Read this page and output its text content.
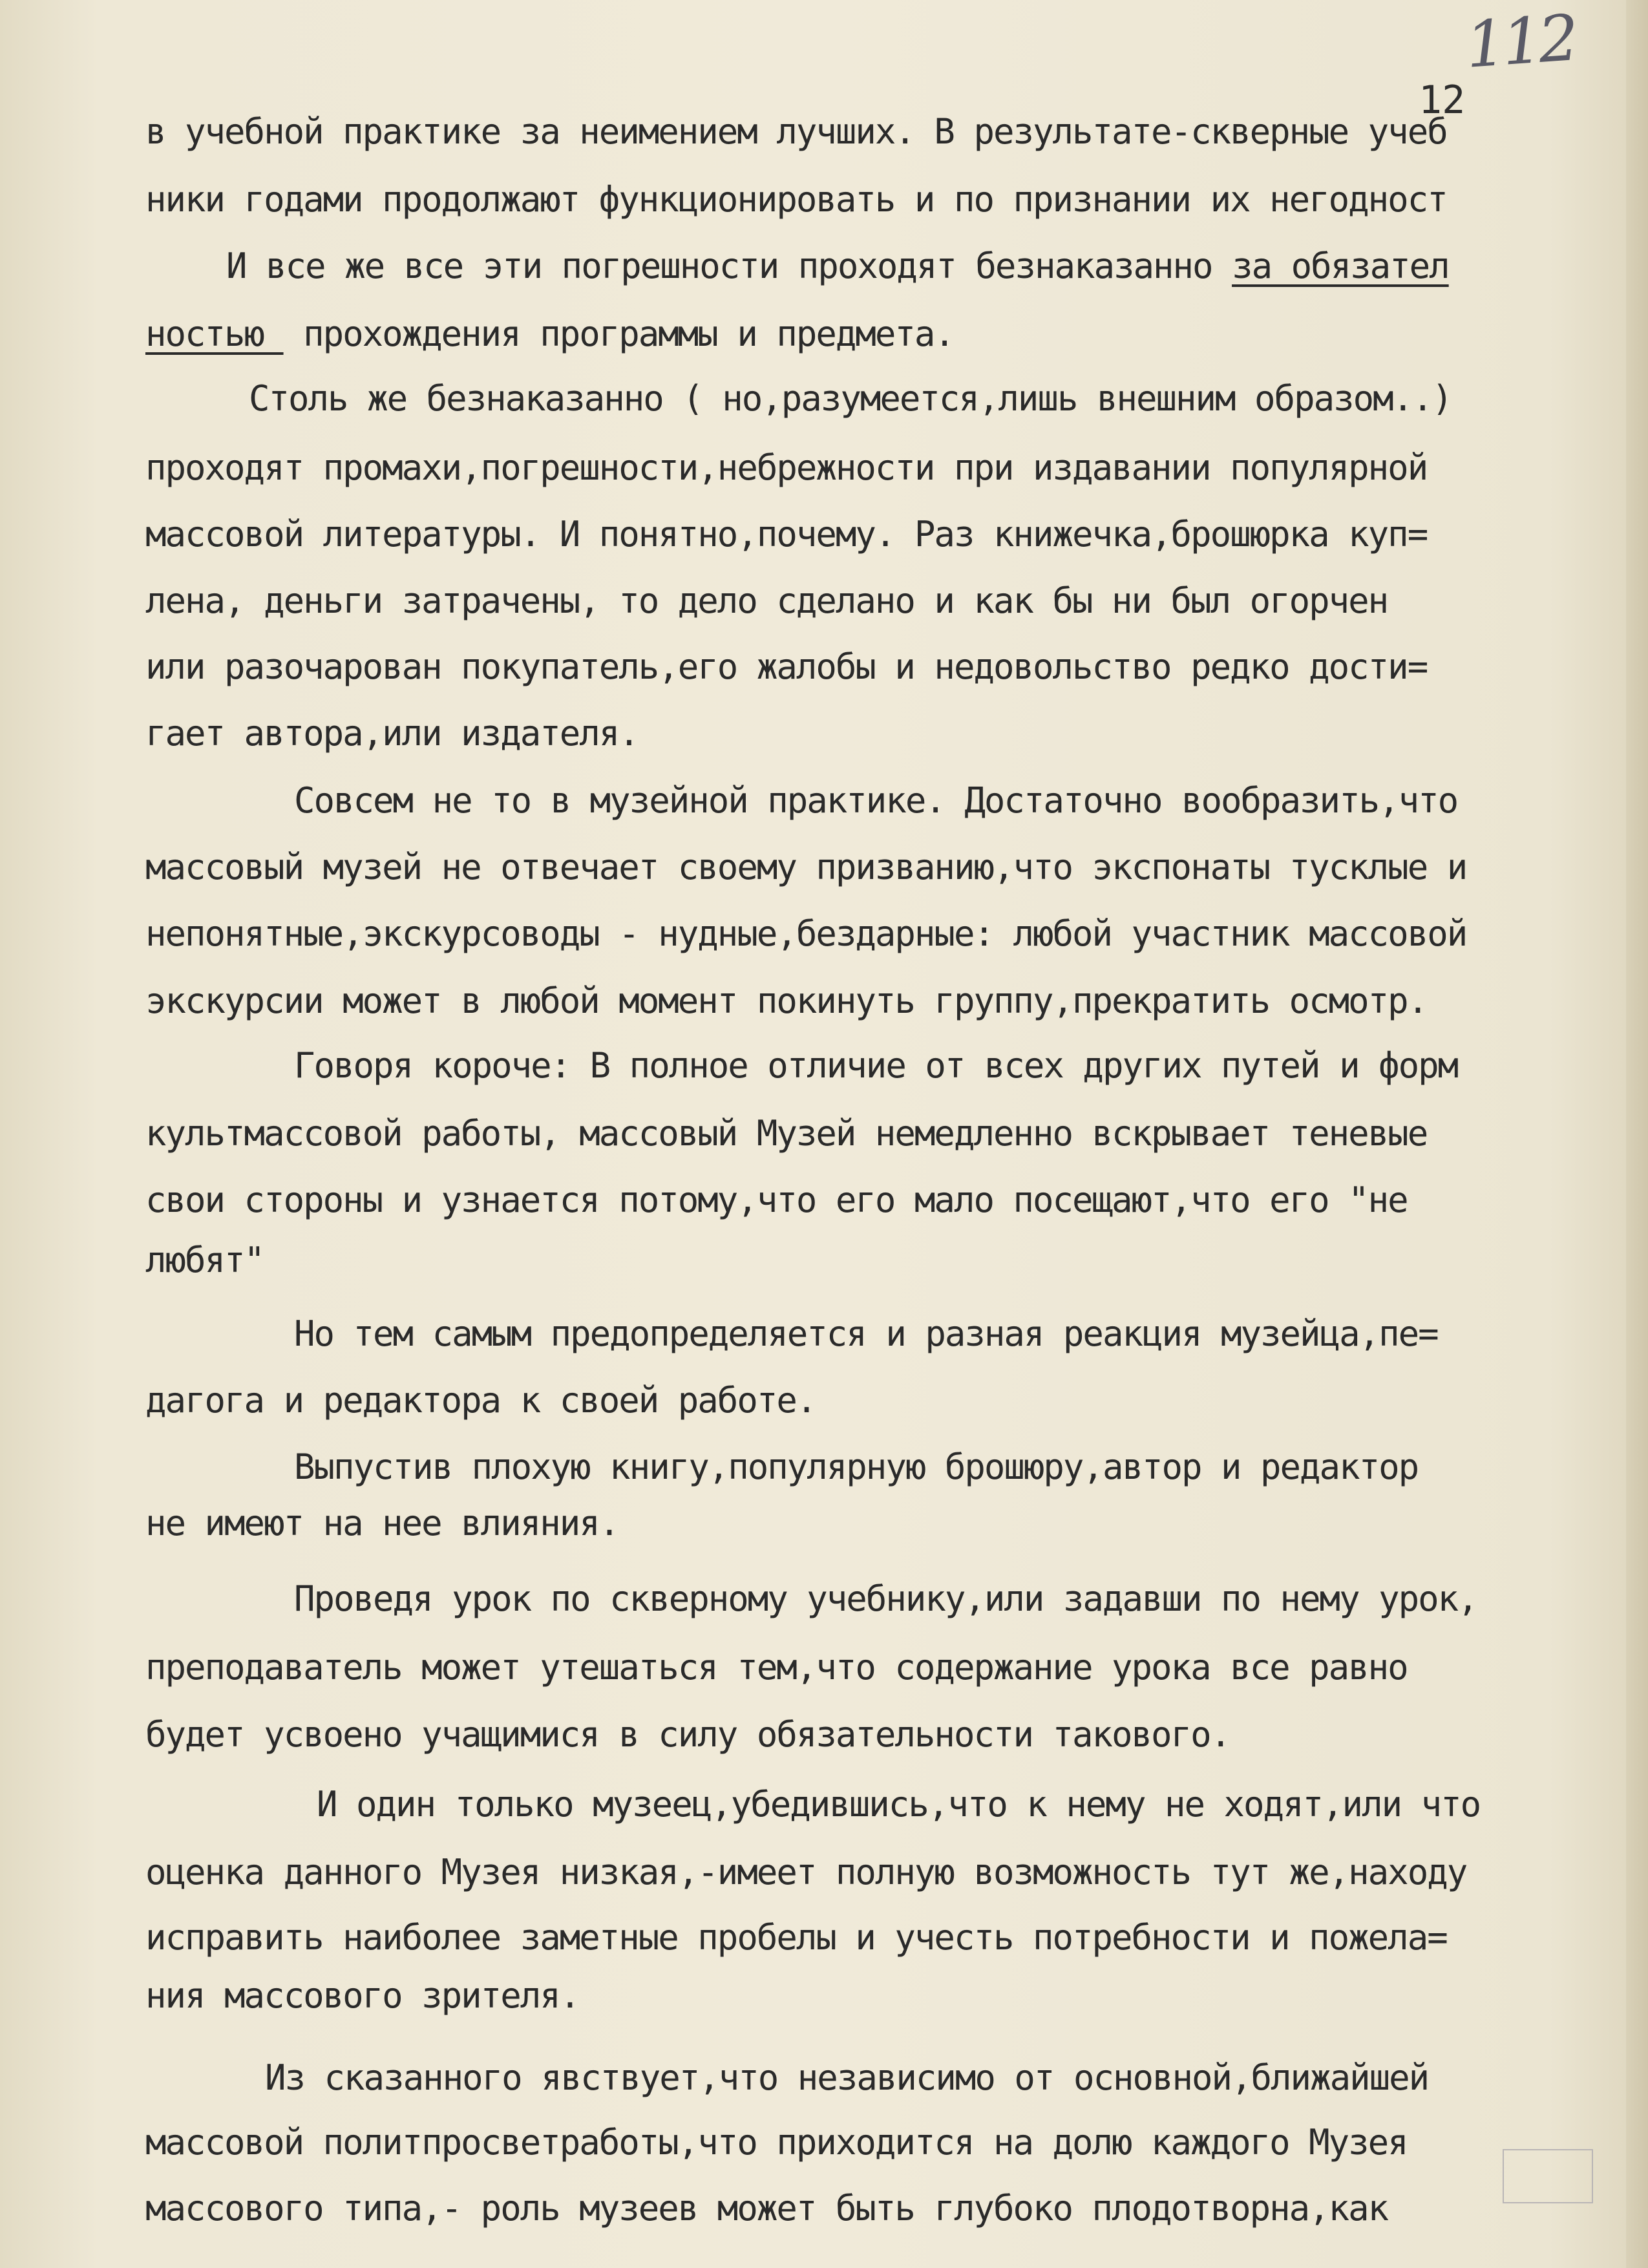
112
12
в учебной практике за неимением лучших. В результате-скверные учеб
ники годами продолжают функционировать и по признании их негодност
И все же все эти погрешности проходят безнаказанно за обязател
ностью  прохождения программы и предмета.
Столь же безнаказанно ( но,разумеется,лишь внешним образом..)
проходят промахи,погрешности,небрежности при издавании популярной
массовой литературы. И понятно,почему. Раз книжечка,брошюрка куп=
лена, деньги затрачены, то дело сделано и как бы ни был огорчен
или разочарован покупатель,его жалобы и недовольство редко дости=
гает автора,или издателя.
Совсем не то в музейной практике. Достаточно вообразить,что
массовый музей не отвечает своему призванию,что экспонаты тусклые и
непонятные,экскурсоводы - нудные,бездарные: любой участник массовой
экскурсии может в любой момент покинуть группу,прекратить осмотр.
Говоря короче: В полное отличие от всех других путей и форм
культмассовой работы, массовый Музей немедленно вскрывает теневые
свои стороны и узнается потому,что его мало посещают,что его "не
любят"
Но тем самым предопределяется и разная реакция музейца,пе=
дагога и редактора к своей работе.
Выпустив плохую книгу,популярную брошюру,автор и редактор
не имеют на нее влияния.
Проведя урок по скверному учебнику,или задавши по нему урок,
преподаватель может утешаться тем,что содержание урока все равно
будет усвоено учащимися в силу обязательности такового.
И один только музеец,убедившись,что к нему не ходят,или что
оценка данного Музея низкая,-имеет полную возможность тут же,находу
исправить наиболее заметные пробелы и учесть потребности и пожела=
ния массового зрителя.
Из сказанного явствует,что независимо от основной,ближайшей
массовой политпросветработы,что приходится на долю каждого Музея
массового типа,- роль музеев может быть глубоко плодотворна,как
